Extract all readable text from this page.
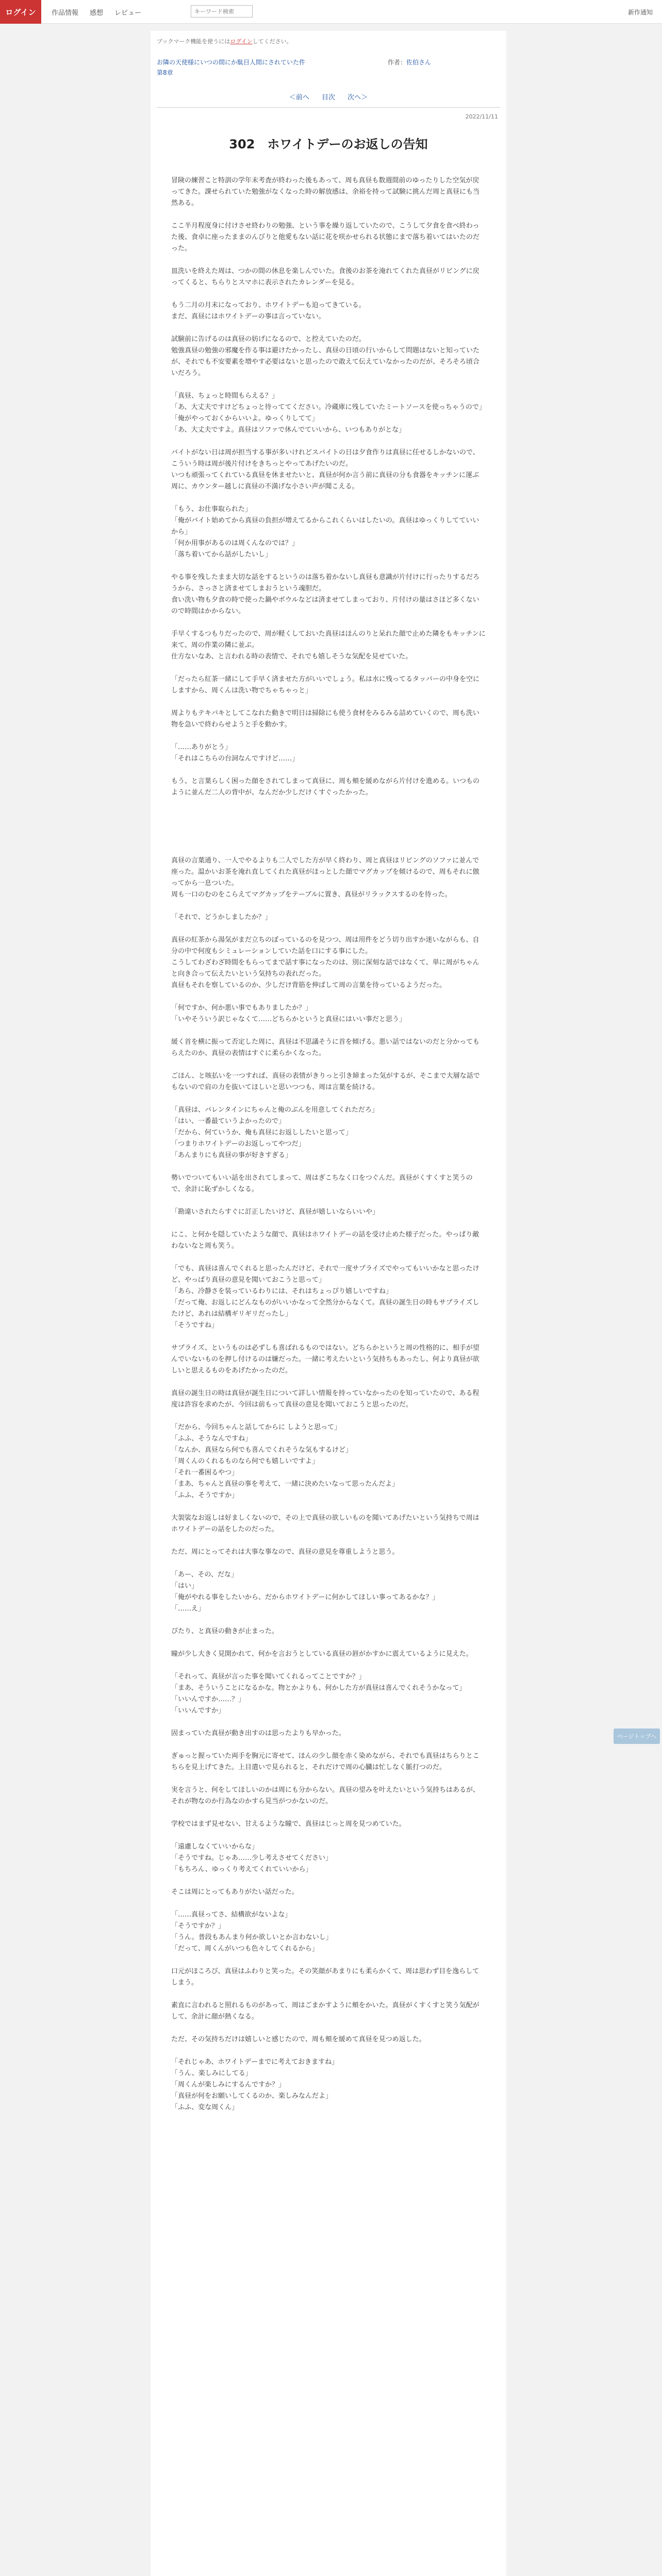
ログイン 作品情報 感想 レビュー
キーワード検索	新作通知
ブックマーク機能を使うにはログインしてください。
お隣の天使様にいつの間にか駄目人間にされていた件	作者：佐伯さん
第8章
＜前へ 目次 次へ＞
2022/11/11
302　ホワイトデーのお返しの告知

冒険の練習こと特訓の学年末考査が終わった後もあって、周も真昼も数週間前のゆったりした空気が戻ってきた。課せられていた勉強がなくなった時の解放感は、余裕を持って試験に挑んだ周と真昼にも当然ある。

ここ半月程度身に付けさせ終わりの勉強、という事を繰り返していたので、こうして夕食を食べ終わった後、食卓に座ったままのんびりと他愛もない話に花を咲かせられる状態にまで落ち着いてはいたのだった。

皿洗いを終えた周は、つかの間の休息を楽しんでいた。食後のお茶を淹れてくれた真昼がリビングに戻ってくると、ちらりとスマホに表示されたカレンダーを見る。

もう二月の月末になっており、ホワイトデーも迫ってきている。
まだ、真昼にはホワイトデーの事は言っていない。

試験前に告げるのは真昼の妨げになるので、と控えていたのだ。
勉強真昼の勉強の邪魔を作る事は避けたかったし、真昼の日頃の行いからして問題はないと知っていたが、それでも不安要素を増やす必要はないと思ったので敢えて伝えていなかったのだが、そろそろ頃合いだろう。

「真昼、ちょっと時間もらえる？」
「あ、大丈夫ですけどちょっと待っててください。冷蔵庫に残していたミートソースを使っちゃうので」
「俺がやっておくからいいよ。ゆっくりしてて」
「あ、大丈夫ですよ。真昼はソファで休んでていいから、いつもありがとな」

バイトがない日は周が担当する事が多いけれどスパイトの日は夕食作りは真昼に任せるしかないので、こういう時は周が後片付けをきちっとやってあげたいのだ。
いつも頑張ってくれている真昼を休ませたいと、真昼が何か言う前に真昼の分も食器をキッチンに運ぶ周に、カウンター越しに真昼の不満げな小さい声が聞こえる。

「もう、お仕事取られた」
「俺がバイト始めてから真昼の負担が増えてるからこれくらいはしたいの。真昼はゆっくりしてていいから」
「何か用事があるのは周くんなのでは？」
「落ち着いてから話がしたいし」

やる事を残したまま大切な話をするというのは落ち着かないし真昼も意識が片付けに行ったりするだろうから、さっさと済ませてしまおうという魂胆だ。
食い洗い物も夕食の時で使った鍋やボウルなどは済ませてしまっており、片付けの量はさほど多くないので時間はかからない。

手早くするつもりだったので、周が軽くしておいた真昼はほんのりと呆れた顔で止めた隣をもキッチンに来て、周の作業の隣に並ぶ。
仕方ないなあ、と言われる時の表情で、それでも嬉しそうな気配を見せていた。

「だったら紅茶一緒にして手早く済ませた方がいいでしょう。私は水に残ってるタッパーの中身を空にしますから、周くんは洗い物でちゃちゃっと」

周よりもテキパキとしてこなれた動きで明日は掃除にも使う食材をみるみる詰めていくので、周も洗い物を急いで終わらせようと手を動かす。

「……ありがとう」
「それはこちらの台詞なんですけど……」

もう、と言葉らしく困った顔をされてしまって真昼に、周も頬を緩めながら片付けを進める。いつものように並んだ二人の背中が、なんだか少しだけくすぐったかった。

真昼の言葉通り、一人でやるよりも二人でした方が早く終わり、周と真昼はリビングのソファに並んで座った。温かいお茶を淹れ直してくれた真昼がほっとした顔でマグカップを傾けるので、周もそれに倣ってから一息ついた。
周も一口のむのをこらえてマグカップをテーブルに置き、真昼がリラックスするのを待った。

「それで、どうかしましたか？」

真昼の紅茶から湯気がまだ立ちのぼっているのを見つつ、周は用件をどう切り出すか迷いながらも、自分の中で何度もシミュレーションしていた話を口にする事にした。
こうしてわざわざ時間をもらってまで話す事になったのは、別に深刻な話ではなくて、単に周がちゃんと向き合って伝えたいという気持ちの表れだった。
真昼もそれを察しているのか、少しだけ背筋を伸ばして周の言葉を待っているようだった。

「何ですか、何か悪い事でもありましたか？」
「いやそういう訳じゃなくて……どちらかというと真昼にはいい事だと思う」

緩く首を横に振って否定した周に、真昼は不思議そうに首を傾げる。悪い話ではないのだと分かってもらえたのか、真昼の表情はすぐに柔らかくなった。

ごほん、と咳払いを一つすれば、真昼の表情がきりっと引き締まった気がするが、そこまで大層な話でもないので肩の力を抜いてほしいと思いつつも、周は言葉を続ける。

「真昼は、バレンタインにちゃんと俺のぶんを用意してくれただろ」
「はい、一番最ていうよかったので」
「だから、何ていうか、俺も真昼にお返ししたいと思って」
「つまりホワイトデーのお返しってやつだ」
「あんまりにも真昼の事が好きすぎる」

勢いでついてもいい話を出されてしまって、周はぎこちなく口をつぐんだ。真昼がくすくすと笑うので、余計に恥ずかしくなる。

「勘違いされたらすぐに訂正したいけど、真昼が嬉しいならいいや」

にこ、と何かを隠していたような顔で、真昼はホワイトデーの話を受け止めた様子だった。やっぱり敵わないなと周も笑う。

「でも、真昼は喜んでくれると思ったんだけど、それで一度サプライズでやってもいいかなと思ったけど、やっぱり真昼の意見を聞いておこうと思って」
「あら、冷静さを装っているわりには、それはちょっぴり嬉しいですね」
「だって俺、お返しにどんなものがいいかなって全然分からなくて。真昼の誕生日の時もサプライズしたけど、あれは結構ギリギリだったし」
「そうですね」

サプライズ、というものは必ずしも喜ばれるものではない。どちらかというと周の性格的に、相手が望んでいないものを押し付けるのは嫌だった。一緒に考えたいという気持ちもあったし、何より真昼が欲しいと思えるものをあげたかったのだ。

真昼の誕生日の時は真昼が誕生日について詳しい情報を持っていなかったのを知っていたので、ある程度は許容を求めたが、今回は前もって真昼の意見を聞いておこうと思ったのだ。

「だから、今回ちゃんと話してからに しようと思って」
「ふふ、そうなんですね」
「なんか、真昼なら何でも喜んでくれそうな気もするけど」
「周くんのくれるものなら何でも嬉しいですよ」
「それ一番困るやつ」
「まあ、ちゃんと真昼の事を考えて、一緒に決めたいなって思ったんだよ」
「ふふ、そうですか」

大袈裟なお返しは好ましくないので、その上で真昼の欲しいものを聞いてあげたいという気持ちで周はホワイトデーの話をしたのだった。

ただ、周にとってそれは大事な事なので、真昼の意見を尊重しようと思う。

「あー、その、だな」
「はい」
「俺がやれる事をしたいから、だからホワイトデーに何かしてほしい事ってあるかな？」
「……え」

ぴたり、と真昼の動きが止まった。

瞳が少し大きく見開かれて、何かを言おうとしている真昼の唇がかすかに震えているように見えた。

「それって、真昼が言った事を聞いてくれるってことですか？」
「まあ、そういうことになるかな。物とかよりも、何かした方が真昼は喜んでくれそうかなって」
「いいんですか……？」
「いいんですか」

固まっていた真昼が動き出すのは思ったよりも早かった。

ぎゅっと握っていた両手を胸元に寄せて、ほんの少し顔を赤く染めながら、それでも真昼はちらりとこちらを見上げてきた。上目遣いで見られると、それだけで周の心臓は忙しなく脈打つのだ。

実を言うと、何をしてほしいのかは周にも分からない。真昼の望みを叶えたいという気持ちはあるが、それが物なのか行為なのかすら見当がつかないのだ。

学校ではまず見せない、甘えるような瞳で、真昼はじっと周を見つめていた。

「遠慮しなくていいからな」
「そうですね。じゃあ……少し考えさせてください」
「もちろん、ゆっくり考えてくれていいから」

そこは周にとってもありがたい話だった。

「……真昼ってさ、結構欲がないよな」
「そうですか？」
「うん。普段もあんまり何か欲しいとか言わないし」
「だって、周くんがいつも色々してくれるから」

口元がほころび、真昼はふわりと笑った。その笑顔があまりにも柔らかくて、周は思わず目を逸らしてしまう。

素直に言われると照れるものがあって、周はごまかすように頬をかいた。真昼がくすくすと笑う気配がして、余計に顔が熱くなる。

ただ、その気持ちだけは嬉しいと感じたので、周も頬を緩めて真昼を見つめ返した。

「それじゃあ、ホワイトデーまでに考えておきますね」
「うん、楽しみにしてる」
「周くんが楽しみにするんですか？」
「真昼が何をお願いしてくるのか、楽しみなんだよ」
「ふふ、変な周くん」

ページトップへ
